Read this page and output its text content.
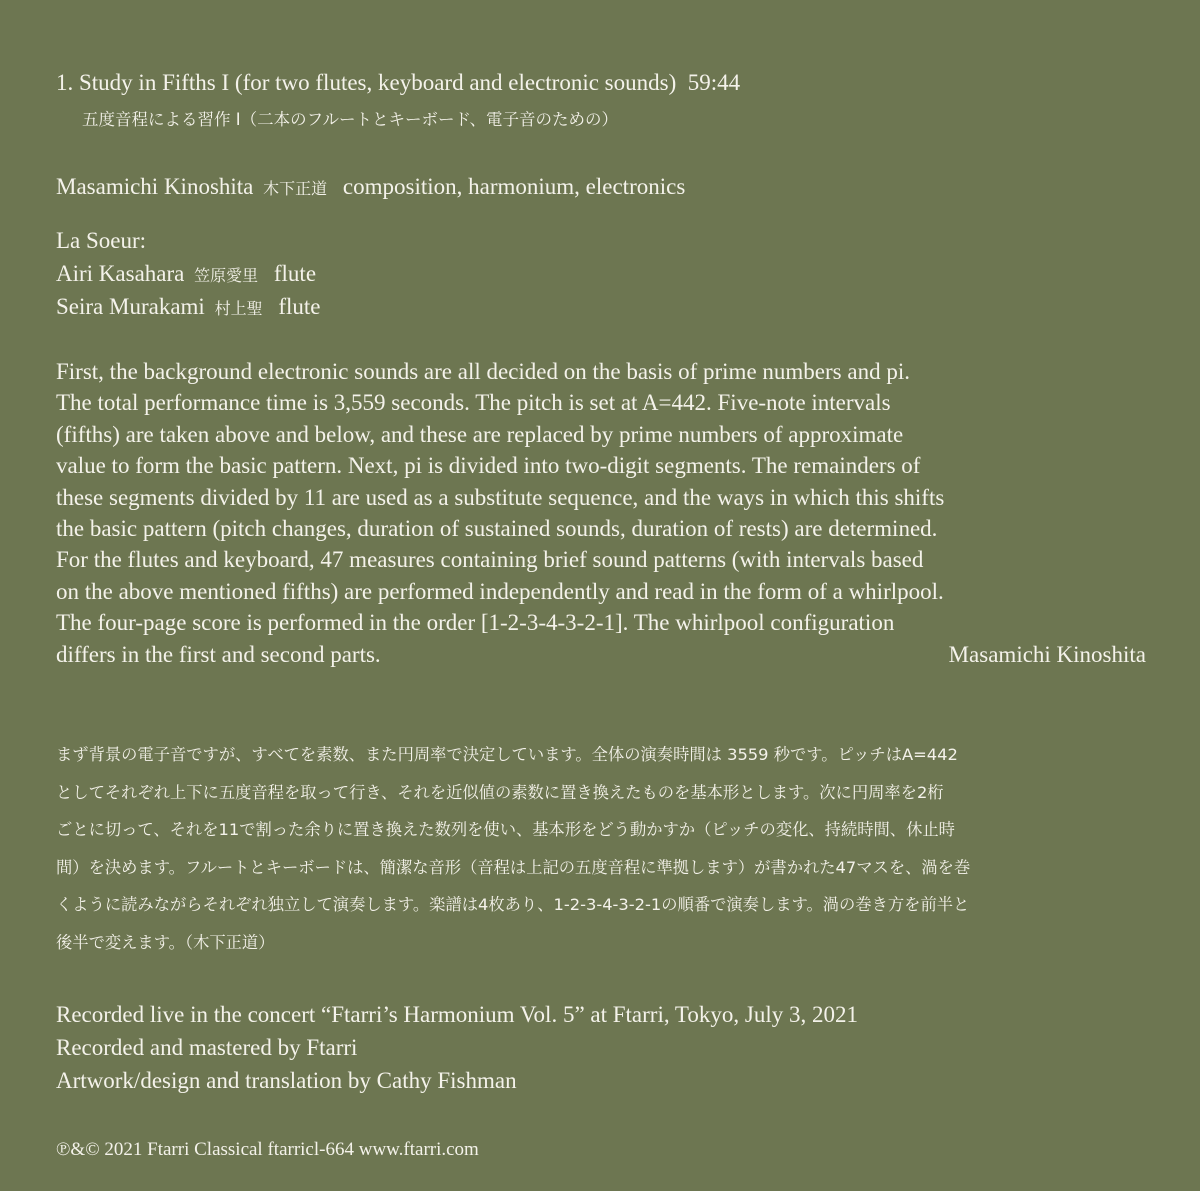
1. Study in Fifths I (for two flutes, keyboard and electronic sounds) 59:44
五度音程による習作 I（二本のフルートとキーボード、電子音のための）
Masamichi Kinoshita 木下正道 composition, harmonium, electronics
La Soeur:
Airi Kasahara 笠原愛里 flute
Seira Murakami 村上聖 flute
First, the background electronic sounds are all decided on the basis of prime numbers and pi.
The total performance time is 3,559 seconds. The pitch is set at A=442. Five-note intervals
(fifths) are taken above and below, and these are replaced by prime numbers of approximate
value to form the basic pattern. Next, pi is divided into two-digit segments. The remainders of
these segments divided by 11 are used as a substitute sequence, and the ways in which this shifts
the basic pattern (pitch changes, duration of sustained sounds, duration of rests) are determined.
For the flutes and keyboard, 47 measures containing brief sound patterns (with intervals based
on the above mentioned fifths) are performed independently and read in the form of a whirlpool.
The four-page score is performed in the order [1-2-3-4-3-2-1]. The whirlpool configuration
differs in the first and second parts.	Masamichi Kinoshita
まず背景の電子音ですが、すべてを素数、また円周率で決定しています。全体の演奏時間は 3559 秒です。ピッチはA=442
としてそれぞれ上下に五度音程を取って行き、それを近似値の素数に置き換えたものを基本形とします。次に円周率を2桁
ごとに切って、それを11で割った余りに置き換えた数列を使い、基本形をどう動かすか（ピッチの変化、持続時間、休止時
間）を決めます。フルートとキーボードは、簡潔な音形（音程は上記の五度音程に準拠します）が書かれた47マスを、渦を巻
くように読みながらそれぞれ独立して演奏します。楽譜は4枚あり、1-2-3-4-3-2-1の順番で演奏します。渦の巻き方を前半と
後半で変えます。（木下正道）
Recorded live in the concert “Ftarri’s Harmonium Vol. 5” at Ftarri, Tokyo, July 3, 2021
Recorded and mastered by Ftarri
Artwork/design and translation by Cathy Fishman
℗&© 2021 Ftarri Classical ftarricl-664 www.ftarri.com
